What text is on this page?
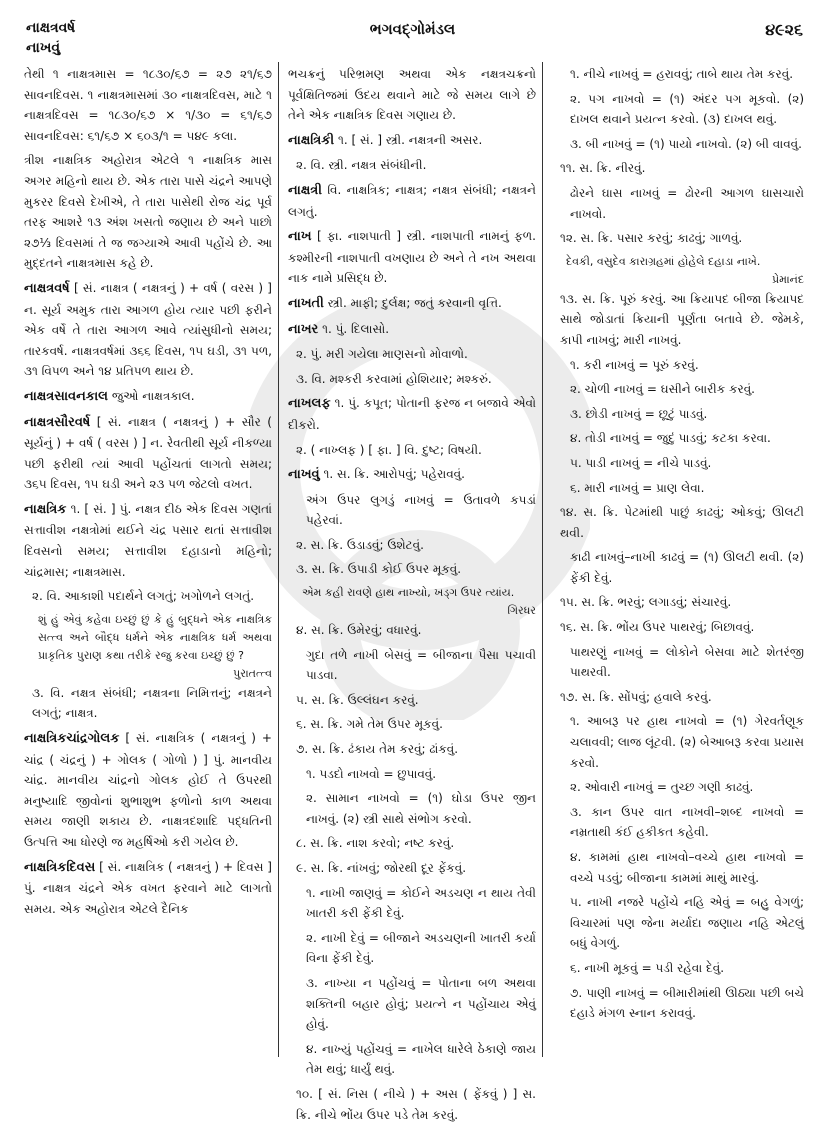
નાક્ષત્રવર્ષ
નાખવું
ભગવદ્ગોમંડલ	૪૯૨૬

તેથી ૧ નાક્ષત્રમાસ = ૧૮૩૦/૬૭ = ૨૭ ૨૧/૬૭ સાવનદિવસ. ૧ નાક્ષત્રમાસમાં ૩૦ નાક્ષત્રદિવસ, માટે ૧ નાક્ષત્રદિવસ = ૧૮૩૦/૬૭ × ૧/૩૦ = ૬૧/૬૭ સાવનદિવસ: ૬૧/૬૭ × ૬૦૩/૧ = ૫૪૯ કલા.

ત્રીશ નાક્ષત્રિક અહોરાત્ર એટલે ૧ નાક્ષત્રિક માસ અગર મહિનો થાય છે. એક તારા પાસે ચંદ્રને આપણે મુકરર દિવસે દેખીએ, તે તારા પાસેથી રોજ ચંદ્ર પૂર્વ તરફ આશરે ૧૩ અંશ ખસતો જણાય છે અને પાછો ૨૭⅓ દિવસમાં તે જ જગ્યાએ આવી પહોંચે છે. આ મુદ્દતને નાક્ષત્રમાસ કહે છે.

નાક્ષત્રવર્ષ [ સં. નાક્ષત્ર ( નક્ષત્રનું ) + વર્ષ ( વરસ ) ] ન. સૂર્ય અમુક તારા આગળ હોય ત્યાર પછી ફરીને એક વર્ષે તે તારા આગળ આવે ત્યાંસુધીનો સમય; તારકવર્ષ. નાક્ષત્રવર્ષમાં ૩૬૬ દિવસ, ૧૫ ઘડી, ૩૧ પળ, ૩૧ વિપળ અને ૧૪ પ્રતિપળ થાય છે.

નાક્ષત્રસાવનકાલ જુઓ નાક્ષત્રકાલ.

નાક્ષત્રસૌરવર્ષ [ સં. નાક્ષત્ર ( નક્ષત્રનું ) + સૌર ( સૂર્યનું ) + વર્ષ ( વરસ ) ] ન. રેવતીથી સૂર્ય નીકળ્યા પછી ફરીથી ત્યાં આવી પહોંચતાં લાગતો સમય; ૩૬૫ દિવસ, ૧૫ ઘડી અને ૨૩ પળ જેટલો વખત.

નાક્ષત્રિક ૧. [ સં. ] પું. નક્ષત્ર દીઠ એક દિવસ ગણતાં સત્તાવીશ નક્ષત્રોમાં થઈને ચંદ્ર પસાર થતાં સત્તાવીશ દિવસનો સમય; સત્તાવીશ દહાડાનો મહિનો; ચાંદ્રમાસ; નાક્ષત્રમાસ.

૨. વિ. આકાશી પદાર્થને લગતું; ખગોળને લગતું.

શું હું એવું કહેવા ઇચ્છું છું કે હું બુદ્ધને એક નાક્ષત્રિક સત્ત્વ અને બૌદ્ધ ધર્મને એક નાક્ષત્રિક ધર્મ અથવા પ્રાકૃતિક પુરાણ કથા તરીકે રજુ કરવા ઇચ્છું છું ?
પુરાતત્ત્વ

૩. વિ. નક્ષત્ર સંબંધી; નક્ષત્રના નિમિત્તનું; નક્ષત્રને લગતું; નાક્ષત્ર.

નાક્ષત્રિકચાંદ્રગોલક [ સં. નાક્ષત્રિક ( નક્ષત્રનું ) + ચાંદ્ર ( ચંદ્રનું ) + ગોલક ( ગોળો ) ] પું. માનવીય ચાંદ્ર. માનવીય ચાંદ્રનો ગોલક હોઈ તે ઉપરથી મનુષ્યાદિ જીવોનાં શુભાશુભ ફળોનો કાળ અથવા સમય જાણી શકાય છે. નાક્ષત્રદશાદિ પદ્ધતિની ઉત્પત્તિ આ ધોરણે જ મહર્ષિઓ કરી ગયેલ છે.

નાક્ષત્રિકદિવસ [ સં. નાક્ષત્રિક ( નક્ષત્રનું ) + દિવસ ] પું. નાક્ષત્ર ચંદ્રને એક વખત ફરવાને માટે લાગતો સમય. એક અહોરાત્ર એટલે દૈનિક

ભચક્રનું પરિભ્રમણ અથવા એક નક્ષત્રચક્રનો પૂર્વક્ષિતિજમાં ઉદય થવાને માટે જે સમય લાગે છે તેને એક નાક્ષત્રિક દિવસ ગણાય છે.

નાક્ષત્રિકી ૧. [ સં. ] સ્ત્રી. નક્ષત્રની અસર.

૨. વિ. સ્ત્રી. નક્ષત્ર સંબંધીની.

નાક્ષત્રી વિ. નાક્ષત્રિક; નાક્ષત્ર; નક્ષત્ર સંબંધી; નક્ષત્રને લગતું.

નાખ [ ફા. નાશપાતી ] સ્ત્રી. નાશપાતી નામનું ફળ. કશ્મીરની નાશપાતી વખણાય છે અને તે નખ અથવા નાક નામે પ્રસિદ્ધ છે.

નાખતી સ્ત્રી. માફી; દુર્લક્ષ; જતું કરવાની વૃત્તિ.

નાખર ૧. પું. દિલાસો.

૨. પું. મરી ગયેલા માણસનો મોવાળો.

૩. વિ. મશ્કરી કરવામાં હોશિયાર; મશ્કરું.

નાખલફ ૧. પું. કપૂત; પોતાની ફરજ ન બજાવે એવો દીકરો.

૨. ( નાખ્લફ ) [ ફા. ] વિ. દુષ્ટ; વિષયી.

નાખવું ૧. સ. ક્રિ. આરોપવું; પહેરાવવું.

અંગ ઉપર લુગડું નાખવું = ઉતાવળે કપડાં પહેરવાં.

૨. સ. ક્રિ. ઉડાડવું; ઉશેટવું.

૩. સ. ક્રિ. ઉપાડી કોઈ ઉપર મૂકવું.

એમ કહી રાવણે હાથ નાખ્યો, ખડ્ગ ઉપર ત્યાંય.
ગિરધર

૪. સ. ક્રિ. ઉમેરવું; વધારવું.

ગુદા તળે નાખી બેસવું = બીજાના પૈસા પચાવી પાડવા.

૫. સ. ક્રિ. ઉલ્લંઘન કરવું.

૬. સ. ક્રિ. ગમે તેમ ઉપર મૂકવું.

૭. સ. ક્રિ. ઢંકાય તેમ કરવું; ઢાંકવું.

૧. પડદો નાખવો = છુપાવવું.

૨. સામાન નાખવો = (૧) ઘોડા ઉપર જીન નાખવું. (૨) સ્ત્રી સાથે સંભોગ કરવો.

૮. સ. ક્રિ. નાશ કરવો; નષ્ટ કરવું.

૯. સ. ક્રિ. નાંખવું; જોરથી દૂર ફેંકવું.

૧. નાખી જાણવું = કોઈને અડચણ ન થાય તેવી ખાતરી કરી ફેંકી દેવું.

૨. નાખી દેવું = બીજાને અડચણની ખાતરી કર્યા વિના ફેંકી દેવું.

૩. નાખ્યા ન પહોંચવું = પોતાના બળ અથવા શક્તિની બહાર હોવું; પ્રયત્ને ન પહોંચાય એવું હોવું.

૪. નાખ્યું પહોંચવું = નાખેલ ધારેલે ઠેકાણે જાય તેમ થવું; ધાર્યું થવું.

૧૦. [ સં. નિસ ( નીચે ) + અસ ( ફેંકવું ) ] સ. ક્રિ. નીચે ભોંય ઉપર પડે તેમ કરવું.

૧. નીચે નાખવું = હરાવવું; તાબે થાય તેમ કરવું.

૨. પગ નાખવો = (૧) અંદર પગ મૂકવો. (૨) દાખલ થવાને પ્રયત્ન કરવો. (૩) દાખલ થવું.

૩. બી નાખવું = (૧) પાયો નાખવો. (૨) બી વાવવું.

૧૧. સ. ક્રિ. નીરવું.

ઢોરને ઘાસ નાખવું = ઢોરની આગળ ઘાસચારો નાખવો.

૧૨. સ. ક્રિ. પસાર કરવું; કાઢવું; ગાળવું.

દેવકી, વસુદેવ કારાગ્રહમાં હોહેલે દહાડા નાખે.
પ્રેમાનંદ

૧૩. સ. ક્રિ. પૂરું કરવું. આ ક્રિયાપદ બીજા ક્રિયાપદ સાથે જોડાતાં ક્રિયાની પૂર્ણતા બતાવે છે. જેમકે, કાપી નાખવું; મારી નાખવું.

૧. કરી નાખવું = પૂરું કરવું.

૨. ચોળી નાખવું = ઘસીને બારીક કરવું.

૩. છોડી નાખવું = છૂટું પાડવું.

૪. તોડી નાખવું = જુદું પાડવું; કટકા કરવા.

૫. પાડી નાખવું = નીચે પાડવું.

૬. મારી નાખવું = પ્રાણ લેવા.

૧૪. સ. ક્રિ. પેટમાંથી પાછું કાઢવું; ઓકવું; ઊલટી થવી.

કાઢી નાખવું–નાખી કાઢવું = (૧) ઊલટી થવી. (૨) ફેંકી દેવું.

૧૫. સ. ક્રિ. ભરવું; લગાડવું; સંચારવું.

૧૬. સ. ક્રિ. ભોંય ઉપર પાથરવું; બિછાવવું.

પાથરણું નાખવું = લોકોને બેસવા માટે શેતરંજી પાથરવી.

૧૭. સ. ક્રિ. સોંપવું; હવાલે કરવું.

૧. આબરૂ પર હાથ નાખવો = (૧) ગેરવર્તણૂક ચલાવવી; લાજ લૂંટવી. (૨) બેઆબરૂ કરવા પ્રયાસ કરવો.

૨. ઓવારી નાખવું = તુચ્છ ગણી કાઢવું.

૩. કાન ઉપર વાત નાખવી–શબ્દ નાખવો = નમ્રતાથી કંઈ હકીકત કહેવી.

૪. કામમાં હાથ નાખવો–વચ્ચે હાથ નાખવો = વચ્ચે પડવું; બીજાના કામમાં માથું મારવું.

૫. નાખી નજરે પહોંચે નહિ એવું = બહુ વેગળું; વિચારમાં પણ જેના મર્યાદા જણાય નહિ એટલું બધું વેગળું.

૬. નાખી મૂકવું = પડી રહેવા દેવું.

૭. પાણી નાખવું = બીમારીમાંથી ઊઠ્યા પછી બચે દહાડે મંગળ સ્નાન કરાવવું.
